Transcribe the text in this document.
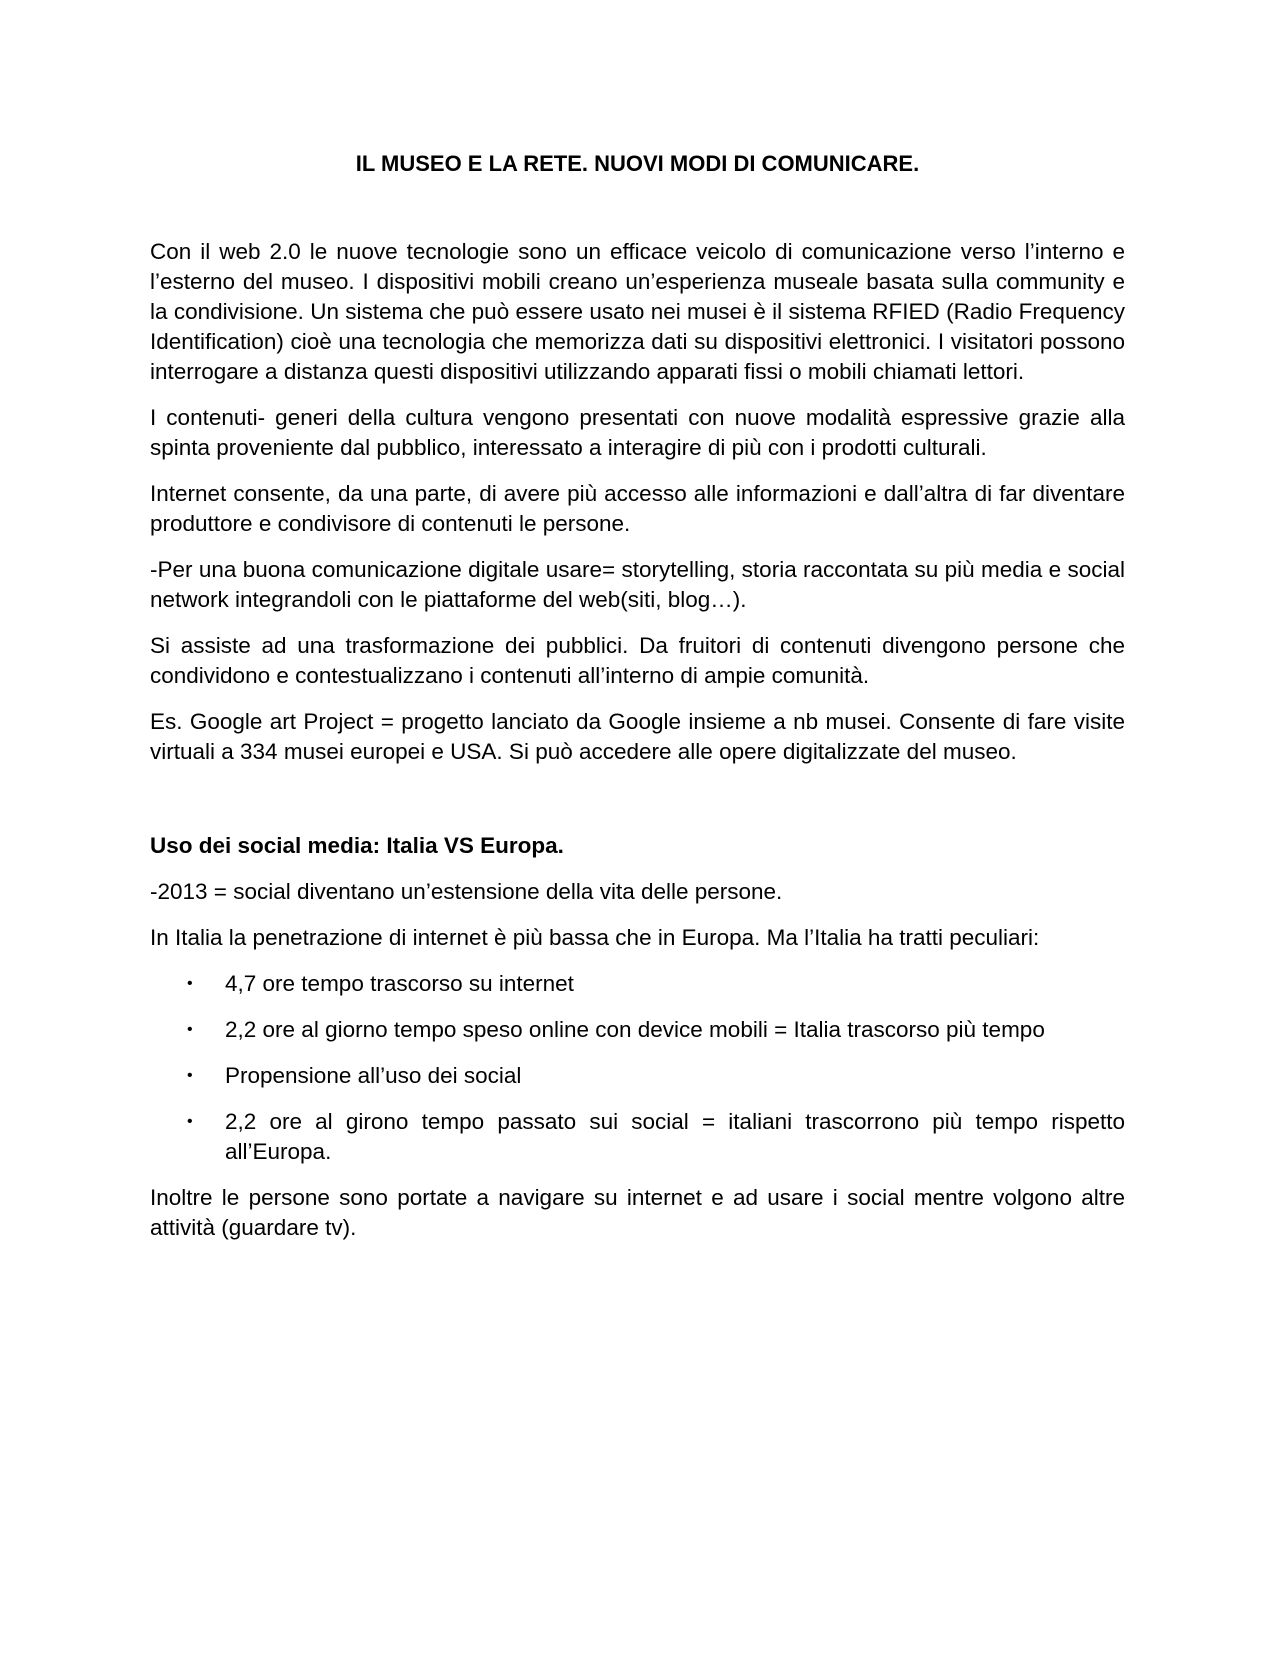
IL MUSEO E LA RETE. NUOVI MODI DI COMUNICARE.

Con il web 2.0 le nuove tecnologie sono un efficace veicolo di comunicazione verso l’interno e l’esterno del museo. I dispositivi mobili creano un’esperienza museale basata sulla community e la condivisione. Un sistema che può essere usato nei musei è il sistema RFIED (Radio Frequency Identification) cioè una tecnologia che memorizza dati su dispositivi elettronici. I visitatori possono interrogare a distanza questi dispositivi utilizzando apparati fissi o mobili chiamati lettori.

I contenuti- generi della cultura vengono presentati con nuove modalità espressive grazie alla spinta proveniente dal pubblico, interessato a interagire di più con i prodotti culturali.

Internet consente, da una parte, di avere più accesso alle informazioni e dall’altra di far diventare produttore e condivisore di contenuti le persone.

-Per una buona comunicazione digitale usare= storytelling, storia raccontata su più media e social network integrandoli con le piattaforme del web(siti, blog…).

Si assiste ad una trasformazione dei pubblici. Da fruitori di contenuti divengono persone che condividono e contestualizzano i contenuti all’interno di ampie comunità.

Es. Google art Project = progetto lanciato da Google insieme a nb musei. Consente di fare visite virtuali a 334 musei europei e USA. Si può accedere alle opere digitalizzate del museo.

Uso dei social media: Italia VS Europa.

-2013 = social diventano un’estensione della vita delle persone.

In Italia la penetrazione di internet è più bassa che in Europa. Ma l’Italia ha tratti peculiari:

• 4,7 ore tempo trascorso su internet
• 2,2 ore al giorno tempo speso online con device mobili = Italia trascorso più tempo
• Propensione all’uso dei social
• 2,2 ore al girono tempo passato sui social = italiani trascorrono più tempo rispetto all’Europa.

Inoltre le persone sono portate a navigare su internet e ad usare i social mentre volgono altre attività (guardare tv).
